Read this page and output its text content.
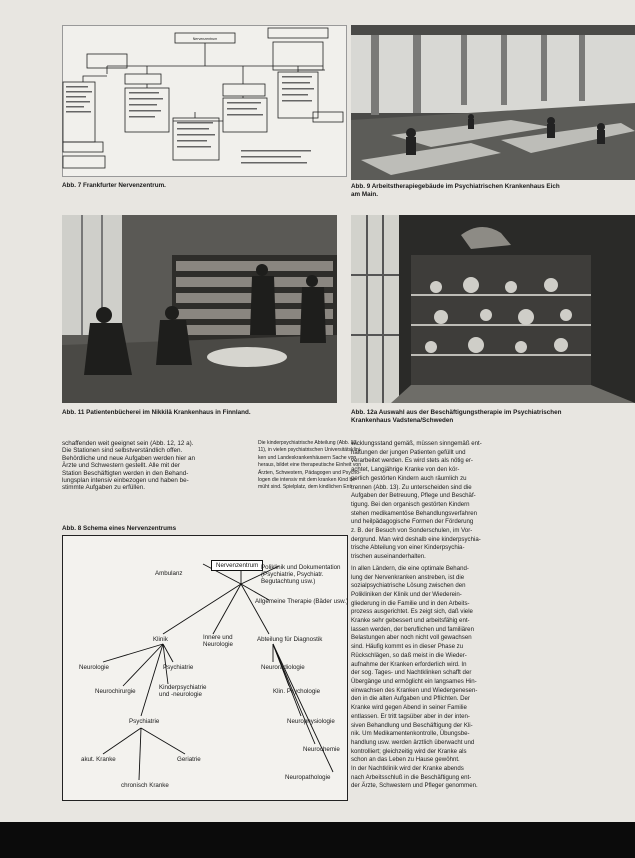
Nervenzentrum
Abb. 7 Frankfurter Nervenzentrum.	Abb. 9 Arbeitstherapiegebäude im Psychiatrischen Krankenhaus Eich
am Main.
Abb. 11 Patientenbücherei im Nikkilä Krankenhaus in Finnland.	Abb. 12a Auswahl aus der Beschäftigungstherapie im Psychiatrischen
Krankenhaus Vadstena/Schweden
schaffenden weit geeignet sein (Abb. 12, 12 a).
Die Stationen sind selbstverständlich offen.
Behördliche und neue Aufgaben werden hier an
Ärzte und Schwestern gestellt. Alle mit der
Station Beschäftigten werden in den Behand-
lungsplan intensiv einbezogen und haben be-
stimmte Aufgaben zu erfüllen.
Die kinderpsychiatrische Abteilung (Abb. 13,
11), in vielen psychiatrischen Universitätsklini-
ken und Landeskrankenhäusern Sache von
heraus, bildet eine therapeutische Einheit von
Ärzten, Schwestern, Pädagogen und Psycho-
logen die intensiv mit dem kranken Kind be-
müht sind. Spielplatz, dem kindlichen Ent-
wicklungsstand gemäß, müssen sinngemäß ent-
haltungen der jungen Patienten gefüllt und
verarbeitet werden. Es wird stets als nötig er-
achtet, Langjährige Kranke von den kör-
perlich gestörten Kindern auch räumlich zu
trennen (Abb. 13). Zu unterscheiden sind die
Aufgaben der Betreuung, Pflege und Beschäf-
tigung. Bei den organisch gestörten Kindern
stehen medikamentöse Behandlungsverfahren
und heilpädagogische Formen der Förderung
z. B. der Besuch von Sonderschulen, im Vor-
dergrund. Man wird deshalb eine kinderpsychia-
trische Abteilung von einer Kinderpsychia-
trischen auseinanderhalten.
In allen Ländern, die eine optimale Behand-
lung der Nervenkranken anstreben, ist die
sozialpsychiatrische Lösung zwischen den
Polikliniken der Klinik und der Wiederein-
gliederung in die Familie und in den Arbeits-
prozess ausgerichtet. Es zeigt sich, daß viele
Kranke sehr gebessert und arbeitsfähig ent-
lassen werden, der beruflichen und familiären
Belastungen aber noch nicht voll gewachsen
sind. Häufig kommt es in dieser Phase zu
Rückschlägen, so daß meist in die Wieder-
aufnahme der Kranken erforderlich wird. In
der sog. Tages- und Nachtklinken schafft der
Übergänge und ermöglicht ein langsames Hin-
einwachsen des Kranken und Wiedergenesen-
den in die alten Aufgaben und Pflichten. Der
Kranke wird gegen Abend in seiner Familie
entlassen. Er tritt tagsüber aber in der inten-
siven Behandlung und Beschäftigung der Kli-
nik. Um Medikamentenkontrolle, Übungsbe-
handlung usw. werden ärztlich überwacht und
kontrolliert; gleichzeitig wird der Kranke als
schon an das Leben zu Hause gewöhnt.
In der Nachtklinik wird der Kranke abends
nach Arbeitsschluß in die Beschäftigung ent-
der Ärzte, Schwestern und Pfleger genommen.
Abb. 8 Schema eines Nervenzentrums
Nervenzentrum
Ambulanz
Poliklinik und Dokumentation
(Psychiatrie, Psychiatr.
Begutachtung usw.)
Allgemeine Therapie (Bäder usw.)
Klinik	Innere und
Neurologie
Abteilung für Diagnostik
Neurologie	Psychiatrie	Neuroradiologie
Neurochirurgie
Kinderpsychiatrie
und -neurologie	Klin. Psychologie
Psychiatrie	Neurophysiologie
akut. Kranke	Geriatrie
Neurochemie
chronisch Kranke
Neuropathologie
